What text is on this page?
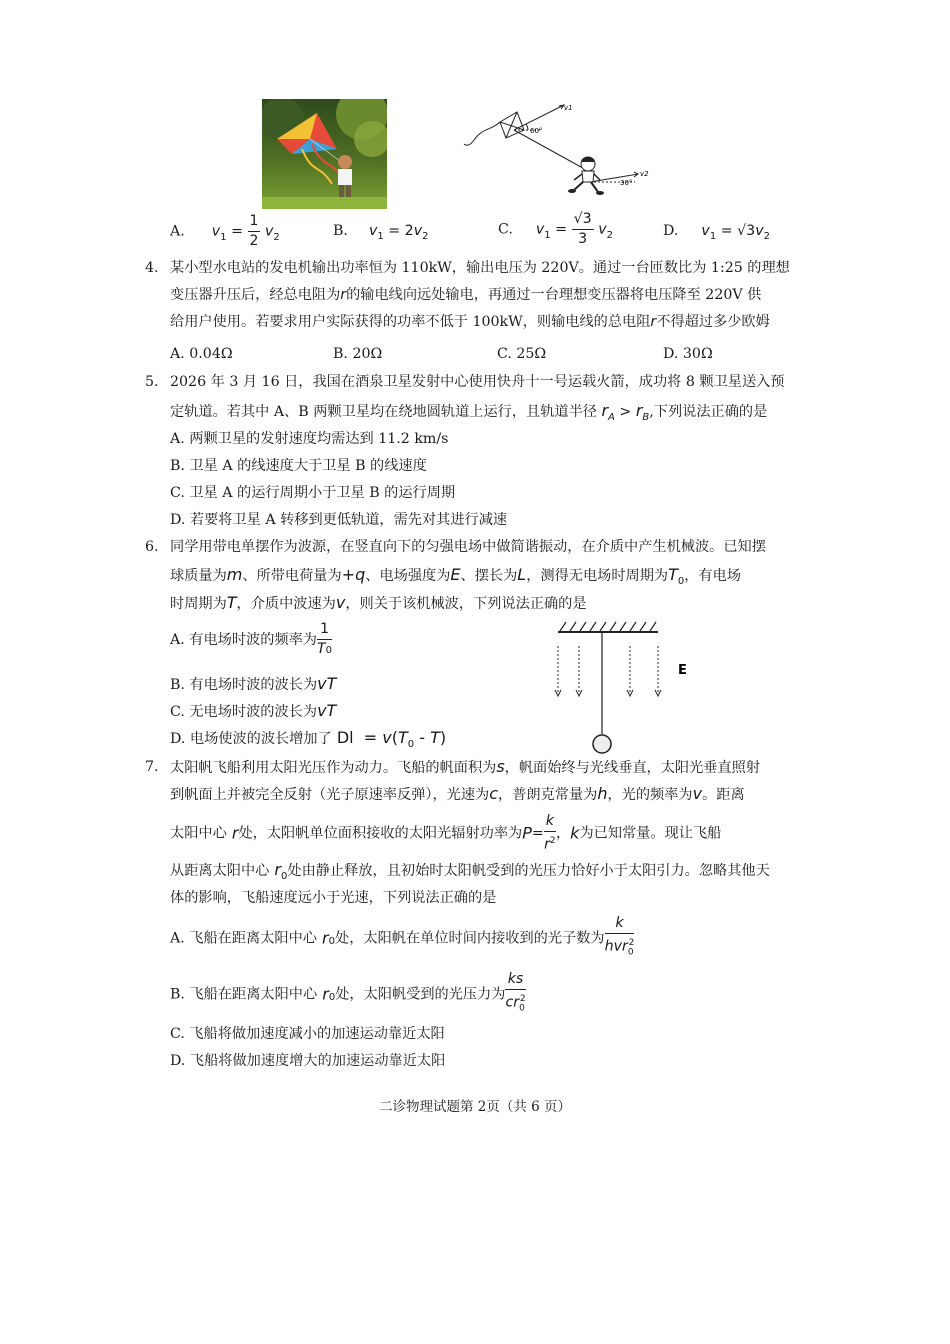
v1
v2
60°
30°
A. $v_1 = \frac{1}{2} v_2$	B. $v_1 = 2v_2$	C. $v_1 = \frac{√3}{3} v_2$	D. $v_1 = √3v_2$
4. 某小型水电站的发电机输出功率恒为 110kW，输出电压为 220V。通过一台匝数比为 1:25 的理想
变压器升压后，经总电阻为r的输电线向远处输电，再通过一台理想变压器将电压降至 220V 供
给用户使用。若要求用户实际获得的功率不低于 100kW，则输电线的总电阻r不得超过多少欧姆
A. 0.04Ω	B. 20Ω	C. 25Ω	D. 30Ω
5. 2026 年 3 月 16 日，我国在酒泉卫星发射中心使用快舟十一号运载火箭，成功将 8 颗卫星送入预
定轨道。若其中 A、B 两颗卫星均在绕地圆轨道上运行，且轨道半径 $r_A > r_B$,下列说法正确的是
A. 两颗卫星的发射速度均需达到 11.2 km/s
B. 卫星 A 的线速度大于卫星 B 的线速度
C. 卫星 A 的运行周期小于卫星 B 的运行周期
D. 若要将卫星 A 转移到更低轨道，需先对其进行减速
6. 同学用带电单摆作为波源，在竖直向下的匀强电场中做简谐振动，在介质中产生机械波。已知摆
球质量为m、所带电荷量为+q、电场强度为E、摆长为L，测得无电场时周期为$T_0$，有电场
时周期为T，介质中波速为v，则关于该机械波，下列说法正确的是
A. 有电场时波的频率为 $\frac{1}{T0}$
B. 有电场时波的波长为vT
C. 无电场时波的波长为vT
D. 电场使波的波长增加了 $Dl = v(T_0 - T)$
E
7. 太阳帆飞船利用太阳光压作为动力。飞船的帆面积为s，帆面始终与光线垂直，太阳光垂直照射
到帆面上并被完全反射（光子原速率反弹），光速为c，普朗克常量为h，光的频率为v。距离
太阳中心 r处，太阳帆单位面积接收的太阳光辐射功率为$P= \frac{k}{r^2}$ ，k为已知常量。现让飞船
从距离太阳中心 $r_0$处由静止释放，且初始时太阳帆受到的光压力恰好小于太阳引力。忽略其他天
体的影响，飞船速度远小于光速，下列说法正确的是
A. 飞船在距离太阳中心 $r_0$处，太阳帆在单位时间内接收到的光子数为 $\frac{k}{hvr_0^2}$
B. 飞船在距离太阳中心 $r_0$处，太阳帆受到的光压力为 $\frac{ks}{cr_0^2}$
C. 飞船将做加速度减小的加速运动靠近太阳
D. 飞船将做加速度增大的加速运动靠近太阳
二诊物理试题第 2页（共 6 页）
